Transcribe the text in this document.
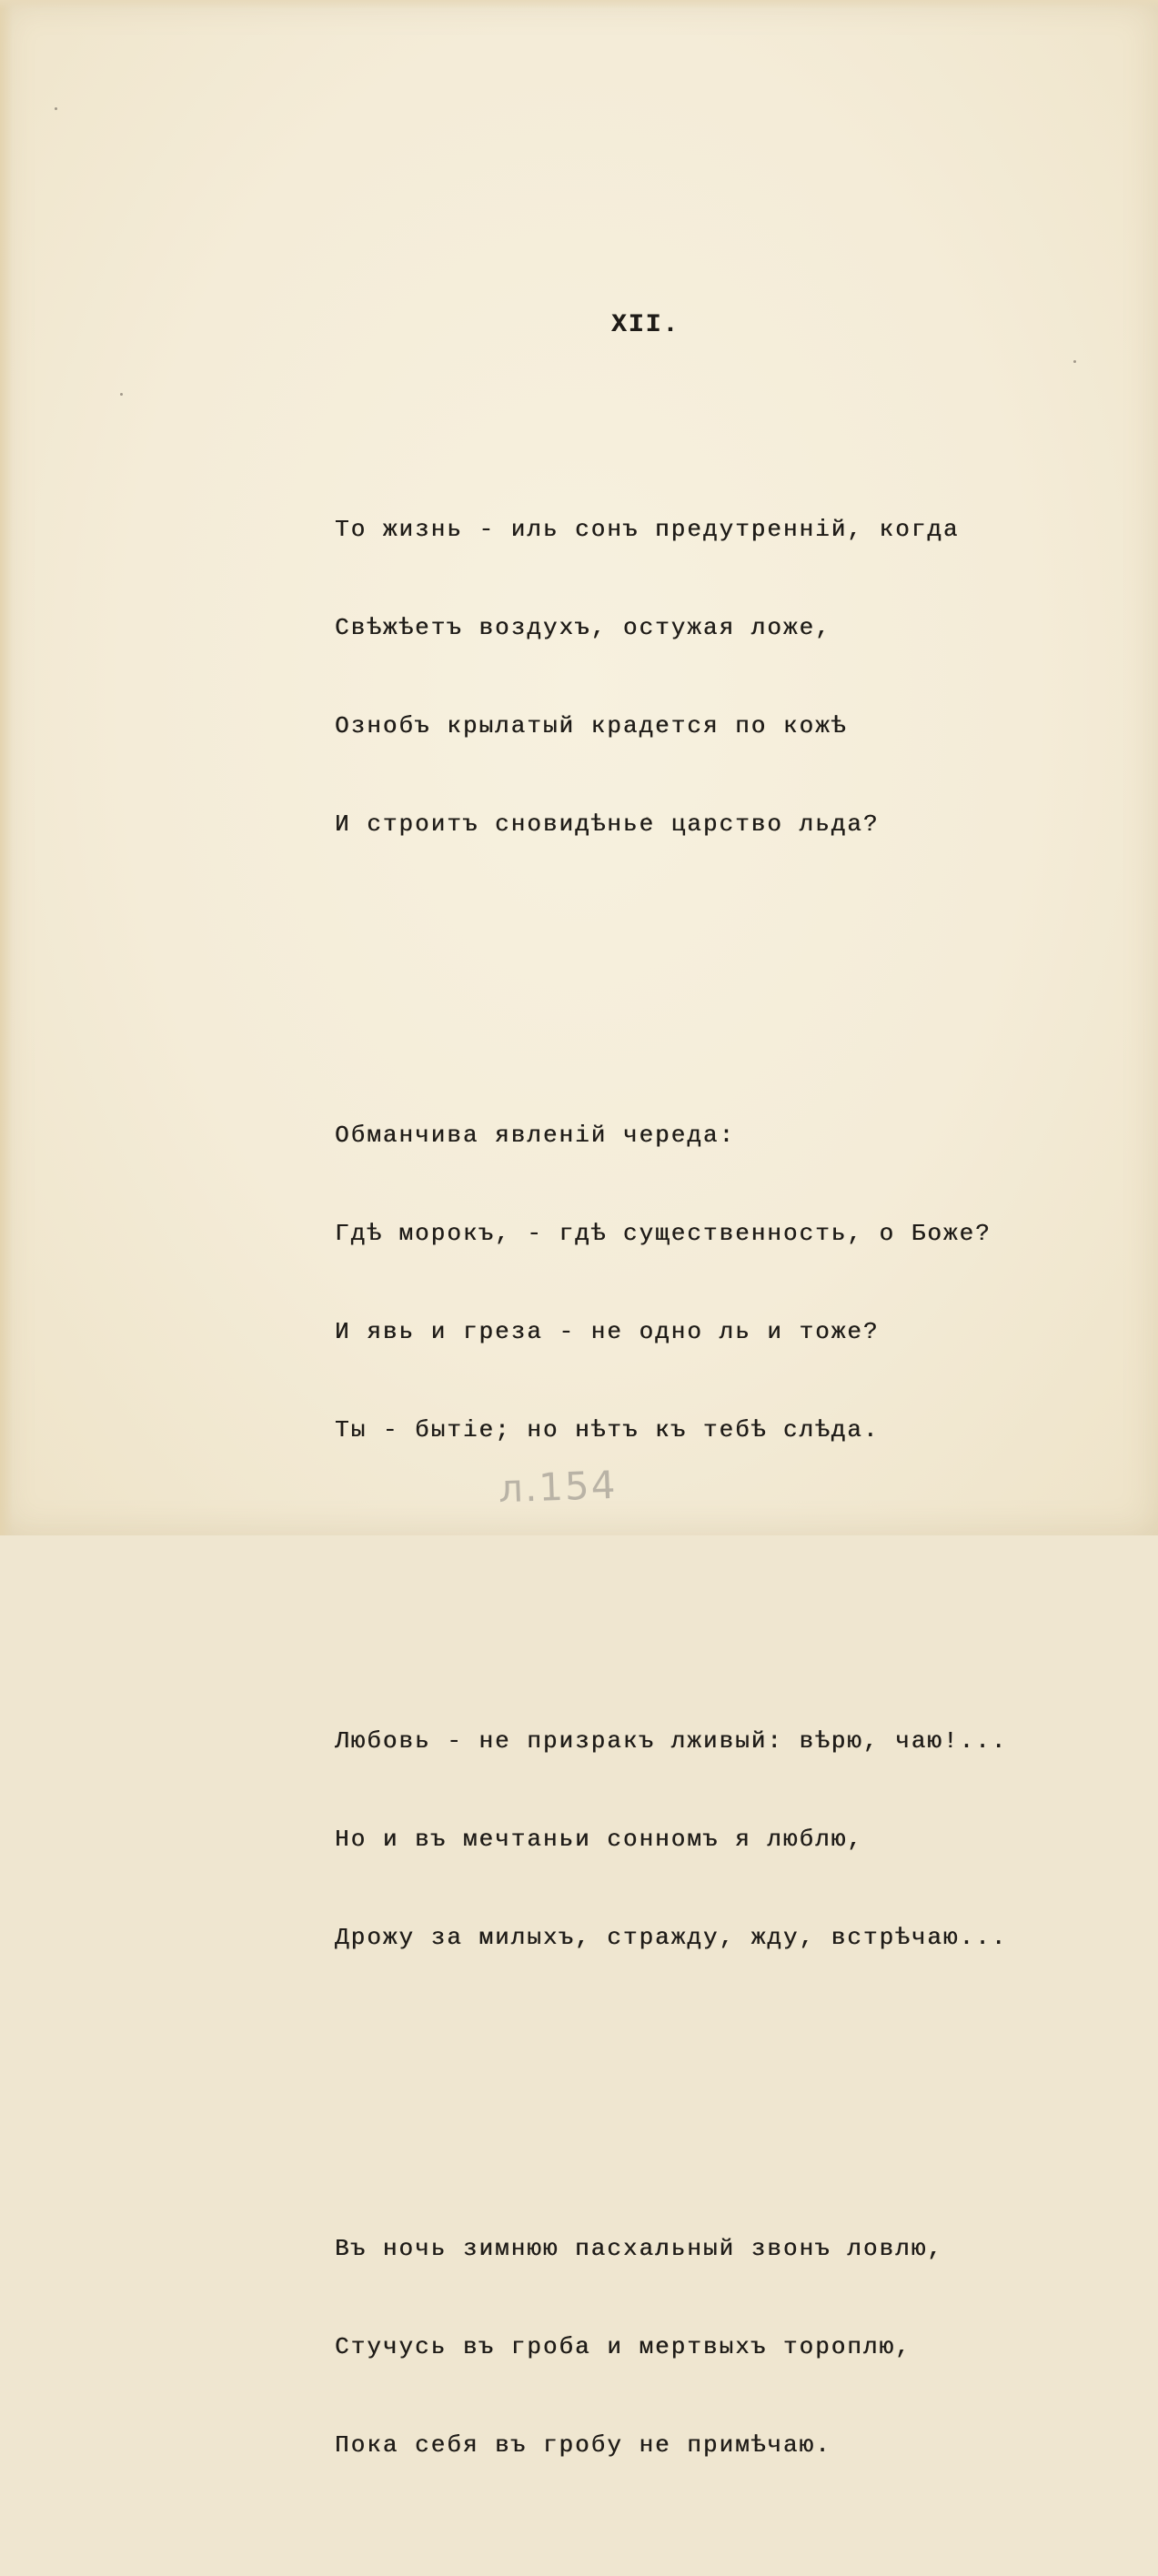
XII.

То жизнь - иль сонъ предутренній, когда

Свѣжѣетъ воздухъ, остужая ложе,

Ознобъ крылатый крадется по кожѣ

И строитъ сновидѣнье царство льда?

Обманчива явленій череда:

Гдѣ морокъ, - гдѣ существенность, о Боже?

И явь и греза - не одно ль и тоже?

Ты - бытіе; но нѣтъ къ тебѣ слѣда.

Любовь - не призракъ лживый: вѣрю, чаю!...

Но и въ мечтаньи сонномъ я люблю,

Дрожу за милыхъ, стражду, жду, встрѣчаю...

Въ ночь зимнюю пасхальный звонъ ловлю,

Стучусь въ гроба и мертвыхъ тороплю,

Пока себя въ гробу не примѣчаю.

л.154
